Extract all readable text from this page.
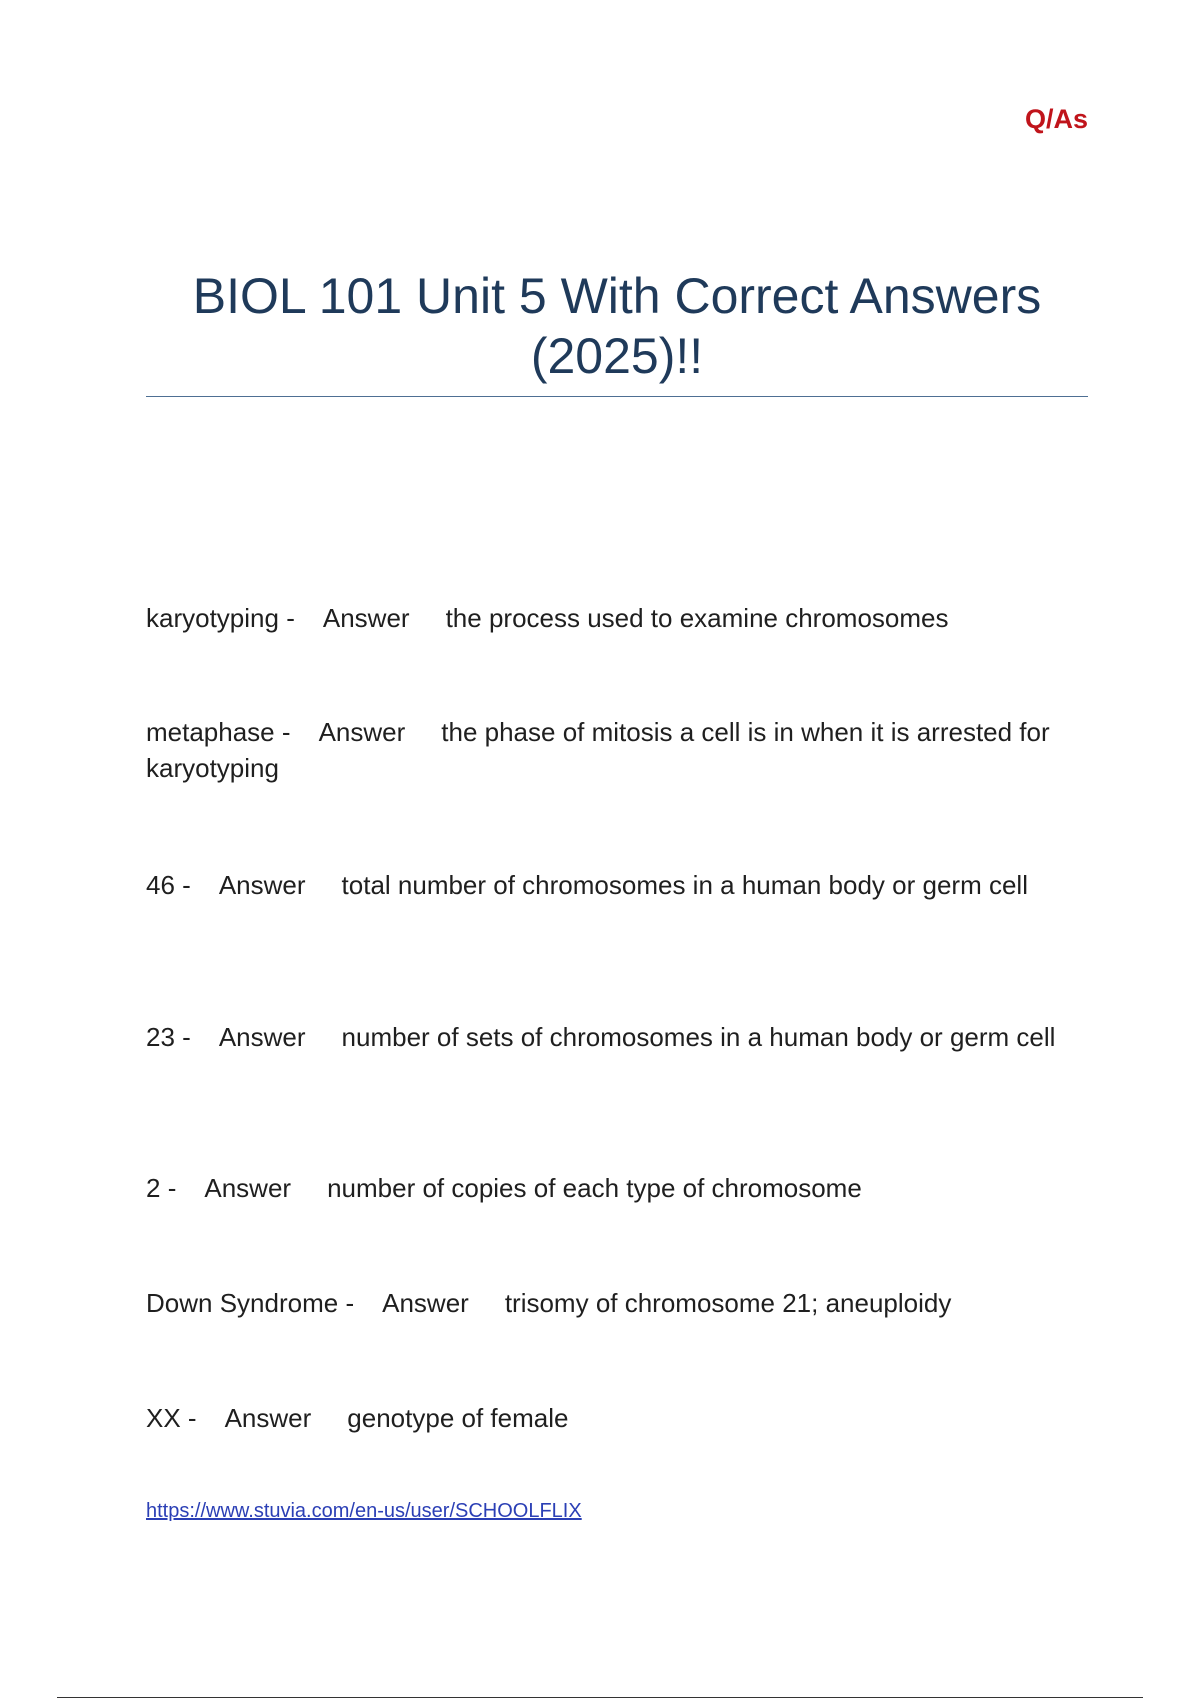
Q/As
BIOL 101 Unit 5 With Correct Answers (2025)!!
karyotyping - Answer the process used to examine chromosomes
metaphase - Answer the phase of mitosis a cell is in when it is arrested for karyotyping
46 - Answer total number of chromosomes in a human body or germ cell
23 - Answer number of sets of chromosomes in a human body or germ cell
2 - Answer number of copies of each type of chromosome
Down Syndrome - Answer trisomy of chromosome 21; aneuploidy
XX - Answer genotype of female
https://www.stuvia.com/en-us/user/SCHOOLFLIX
